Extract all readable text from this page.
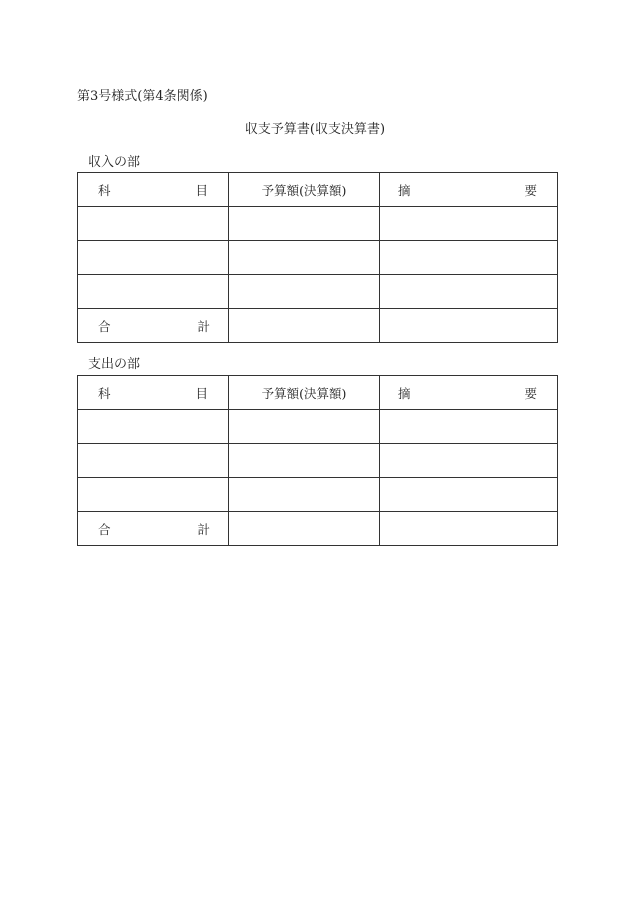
第3号様式(第4条関係)
収支予算書(収支決算書)
収入の部
科 目	予算額(決算額)	摘 要

合 計		

支出の部
科 目	予算額(決算額)	摘 要

合 計		
